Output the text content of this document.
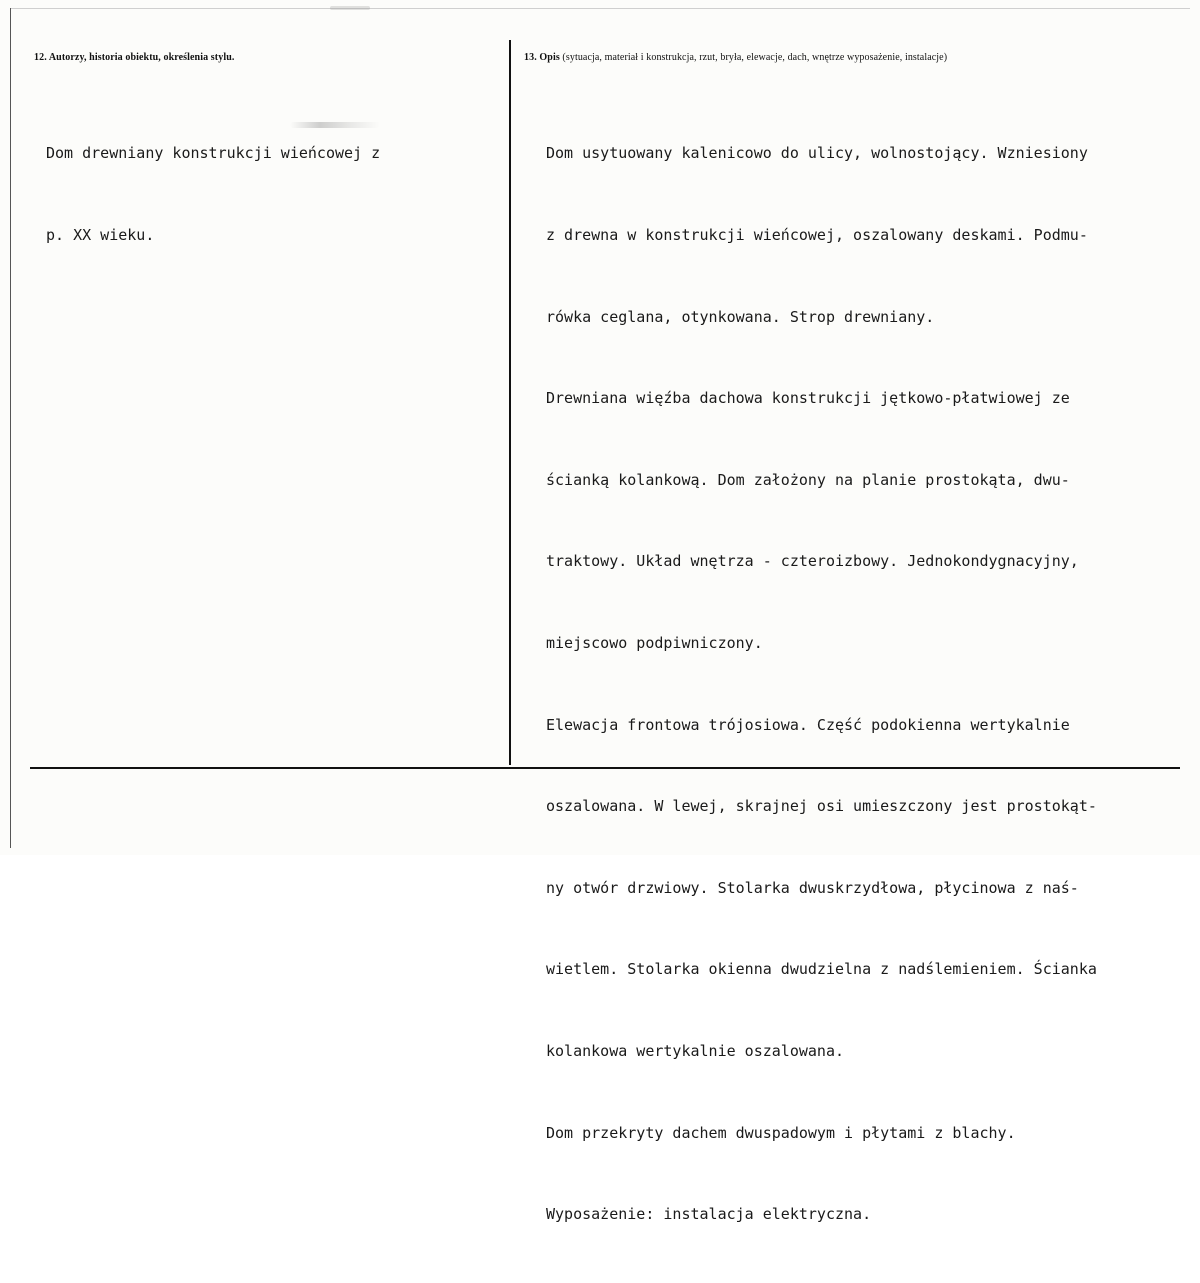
12. Autorzy, historia obiektu, określenia stylu.	13. Opis (sytuacja, materiał i konstrukcja, rzut, bryła, elewacje, dach, wnętrze wyposażenie, instalacje)

Dom drewniany konstrukcji wieńcowej z

p. XX wieku.

Dom usytuowany kalenicowo do ulicy, wolnostojący. Wzniesiony

z drewna w konstrukcji wieńcowej, oszalowany deskami. Podmu-

rówka ceglana, otynkowana. Strop drewniany.

Drewniana więźba dachowa konstrukcji jętkowo-płatwiowej ze

ścianką kolankową. Dom założony na planie prostokąta, dwu-

traktowy. Układ wnętrza - czteroizbowy. Jednokondygnacyjny,

miejscowo podpiwniczony.

Elewacja frontowa trójosiowa. Część podokienna wertykalnie

oszalowana. W lewej, skrajnej osi umieszczony jest prostokąt-

ny otwór drzwiowy. Stolarka dwuskrzydłowa, płycinowa z naś-

wietlem. Stolarka okienna dwudzielna z nadślemieniem. Ścianka

kolankowa wertykalnie oszalowana.

Dom przekryty dachem dwuspadowym i płytami z blachy.

Wyposażenie: instalacja elektryczna.
